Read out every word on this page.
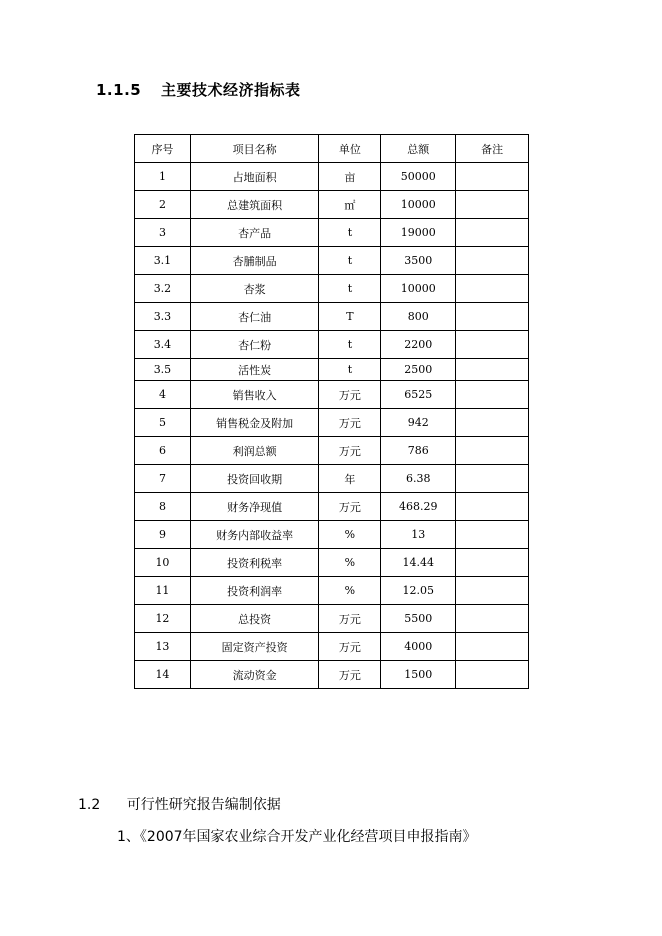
1.1.5 主要技术经济指标表
序号	项目名称	单位	总额	备注
1	占地面积	亩	50000	
2	总建筑面积	㎡	10000	
3	杏产品	t	19000	
3.1	杏脯制品	t	3500	
3.2	杏浆	t	10000	
3.3	杏仁油	T	800	
3.4	杏仁粉	t	2200	
3.5	活性炭	t	2500	
4	销售收入	万元	6525	
5	销售税金及附加	万元	942	
6	利润总额	万元	786	
7	投资回收期	年	6.38	
8	财务净现值	万元	468.29	
9	财务内部收益率	%	13	
10	投资利税率	%	14.44	
11	投资利润率	%	12.05	
12	总投资	万元	5500	
13	固定资产投资	万元	4000	
14	流动资金	万元	1500	
1.2 可行性研究报告编制依据
1、《2007年国家农业综合开发产业化经营项目申报指南》
